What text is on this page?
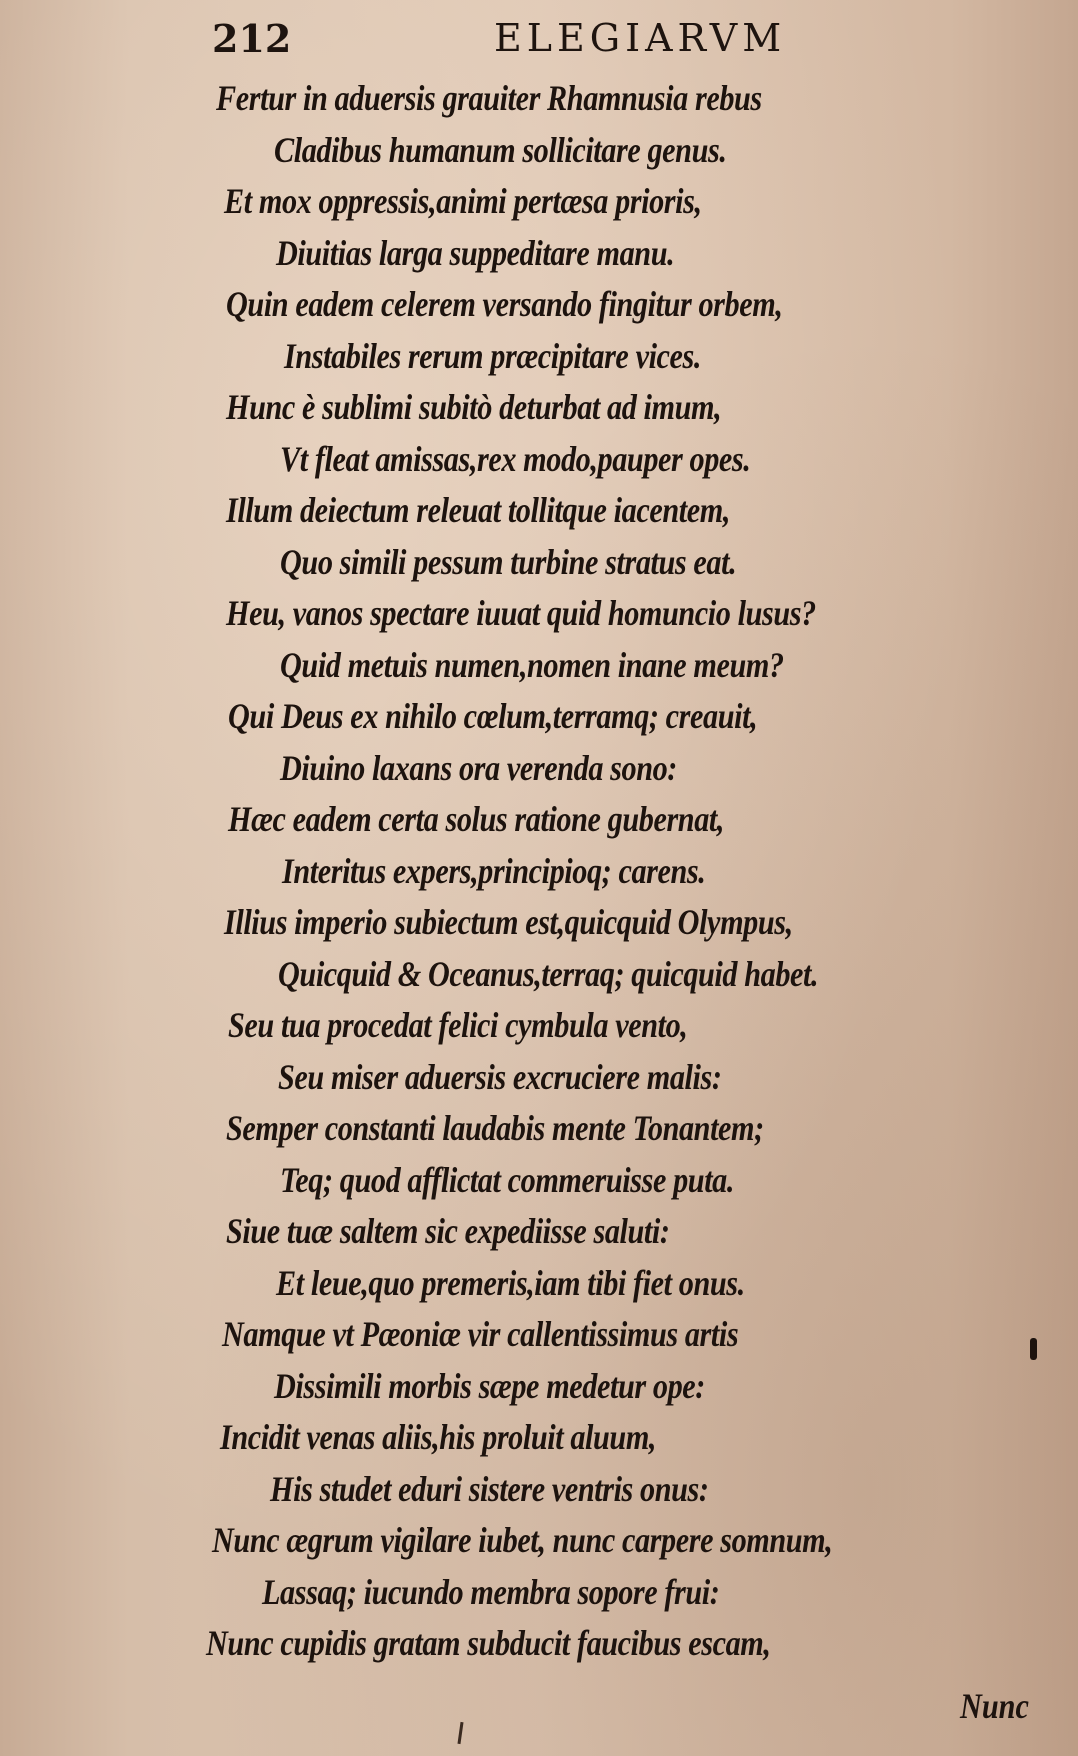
212	ELEGIARVM
Fertur in aduersis grauiter Rhamnusia rebus
Cladibus humanum sollicitare genus.
Et mox oppressis,animi pertæsa prioris,
Diuitias larga suppeditare manu.
Quin eadem celerem versando fingitur orbem,
Instabiles rerum præcipitare vices.
Hunc è sublimi subitò deturbat ad imum,
Vt fleat amissas,rex modo,pauper opes.
Illum deiectum releuat tollitque iacentem,
Quo simili pessum turbine stratus eat.
Heu, vanos spectare iuuat quid homuncio lusus?
Quid metuis numen,nomen inane meum?
Qui Deus ex nihilo cœlum,terramq; creauit,
Diuino laxans ora verenda sono:
Hæc eadem certa solus ratione gubernat,
Interitus expers,principioq; carens.
Illius imperio subiectum est,quicquid Olympus,
Quicquid & Oceanus,terraq; quicquid habet.
Seu tua procedat felici cymbula vento,
Seu miser aduersis excruciere malis:
Semper constanti laudabis mente Tonantem;
Teq; quod afflictat commeruisse puta.
Siue tuæ saltem sic expediisse saluti:
Et leue,quo premeris,iam tibi fiet onus.
Namque vt Pæoniæ vir callentissimus artis
Dissimili morbis sæpe medetur ope:
Incidit venas aliis,his proluit aluum,
His studet eduri sistere ventris onus:
Nunc ægrum vigilare iubet, nunc carpere somnum,
Lassaq; iucundo membra sopore frui:
Nunc cupidis gratam subducit faucibus escam,
Nunc
